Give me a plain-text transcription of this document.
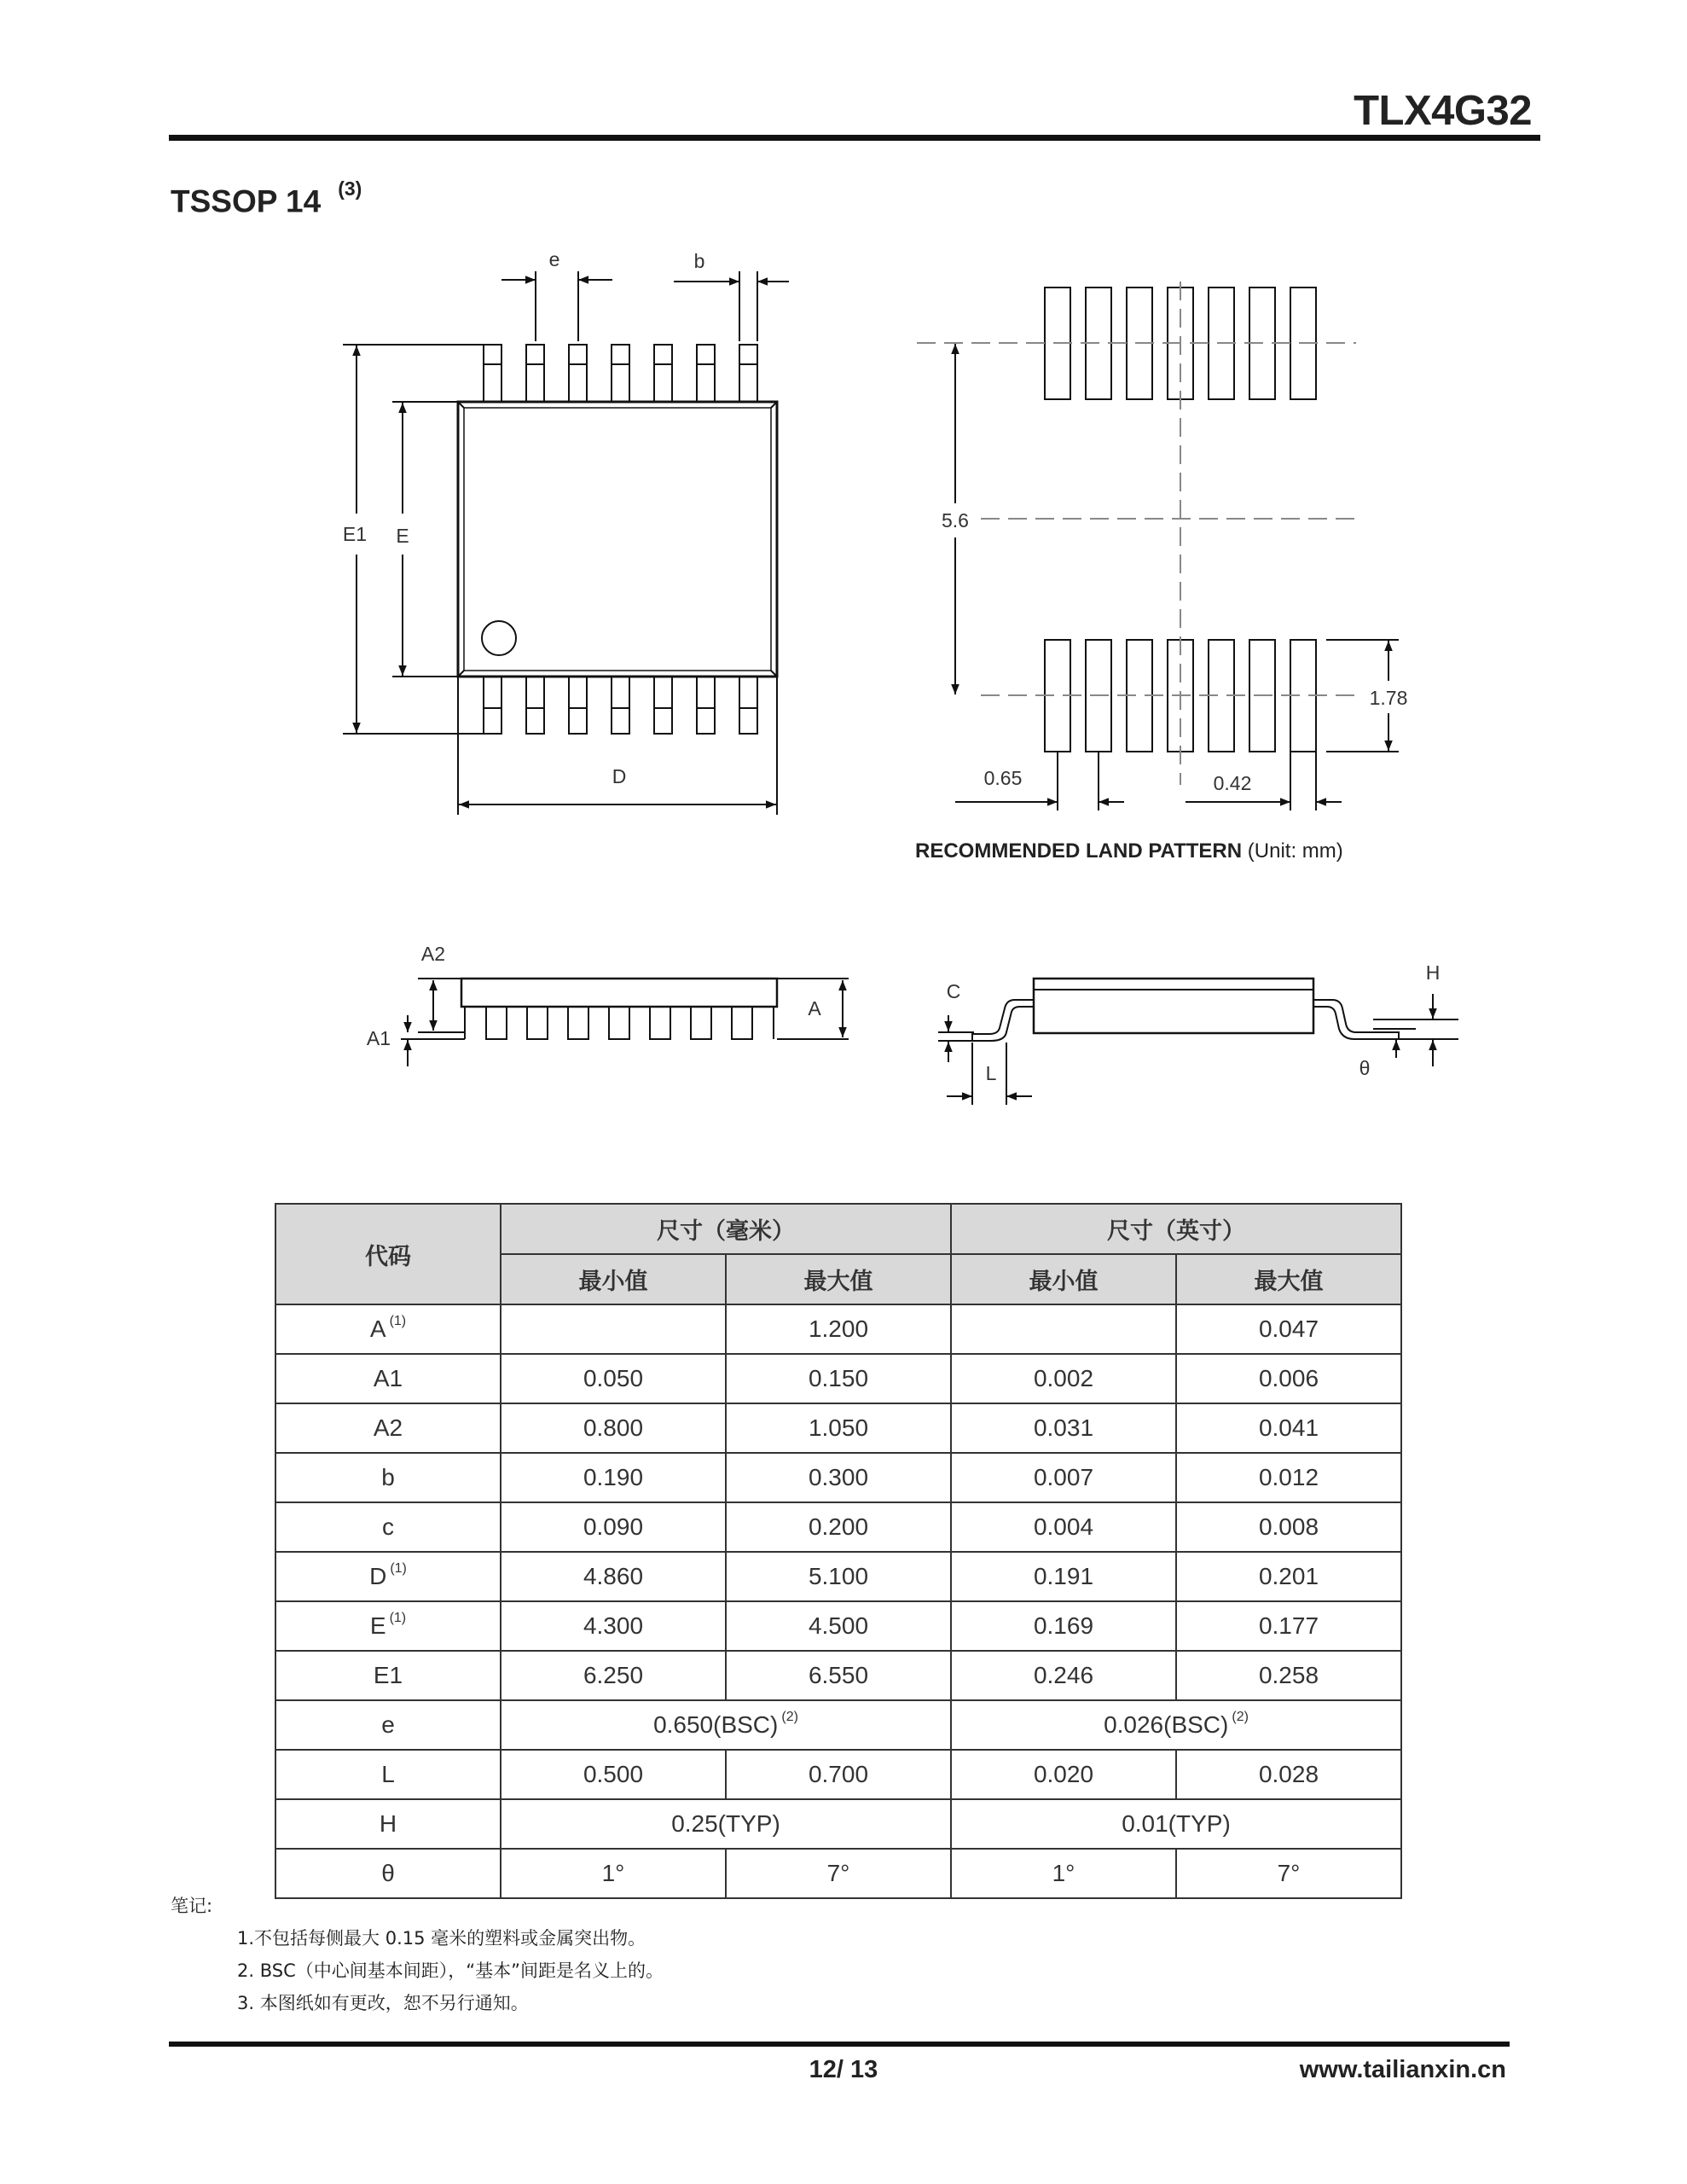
TLX4G32
TSSOP 14 $^{(3)}$
e	b
E1 E
D
5.6
1.78
0.65	0.42
RECOMMENDED LAND PATTERN (Unit: mm)
A2
A1
A
C
H
L	θ
代码	尺寸（毫米）		尺寸（英寸）	
	最小值	最大值	最小值	最大值
A $^{(1)}$		1.200		0.047
A1	0.050	0.150	0.002	0.006
A2	0.800	1.050	0.031	0.041
b	0.190	0.300	0.007	0.012
c	0.090	0.200	0.004	0.008
D $^{(1)}$	4.860	5.100	0.191	0.201
E $^{(1)}$	4.300	4.500	0.169	0.177
E1	6.250	6.550	0.246	0.258
e	0.650(BSC) $^{(2)}$		0.026(BSC) $^{(2)}$
L	0.500	0.700	0.020	0.028
H	0.25(TYP)		0.01(TYP)	
θ	1°	7°	1°	7°
笔记:
1.不包括每侧最大 0.15 毫米的塑料或金属突出物。
2. BSC（中心间基本间距），“基本”间距是名义上的。
3. 本图纸如有更改，恕不另行通知。
12/ 13	www.tailianxin.cn
